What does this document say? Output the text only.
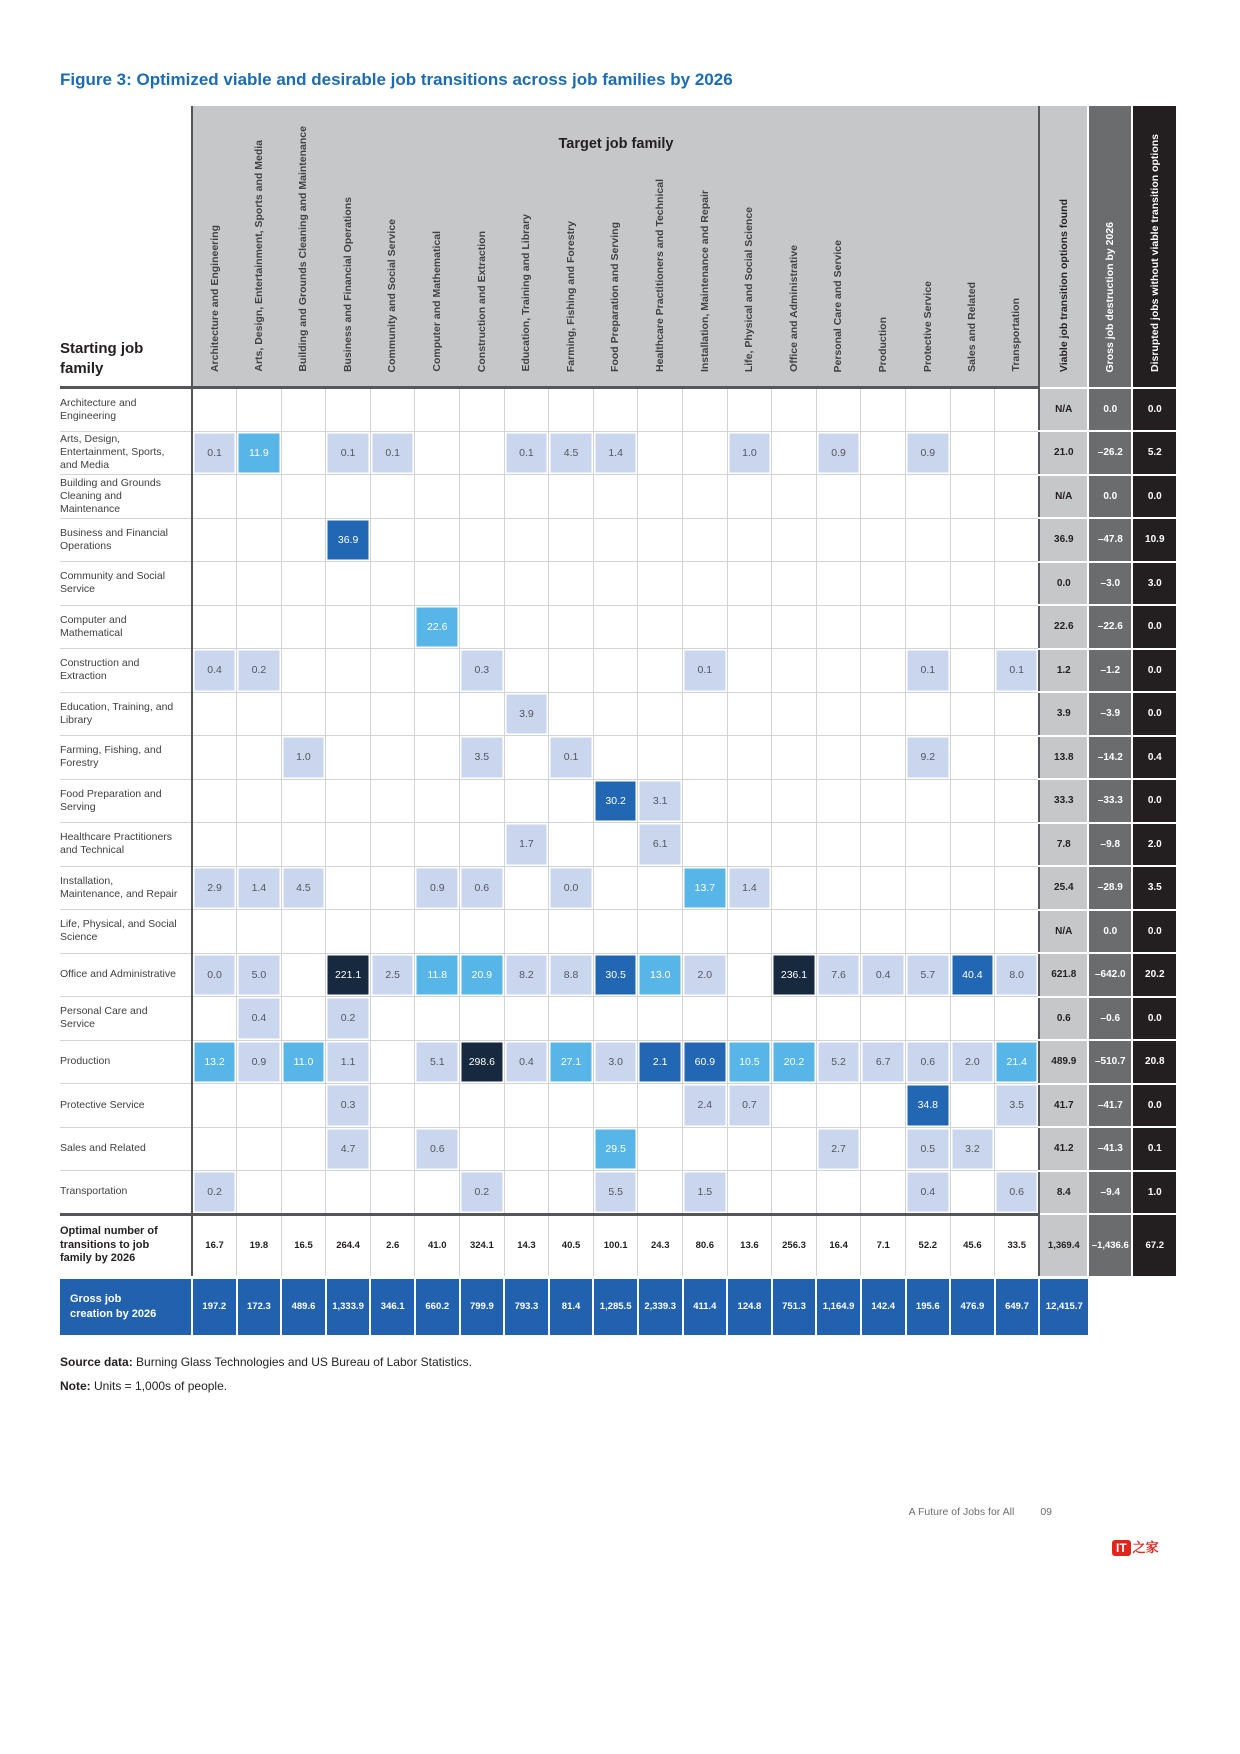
Figure 3: Optimized viable and desirable job transitions across job families by 2026
Target job family
Starting job family	Architecture and Engineering	Arts, Design, Entertainment, Sports and Media	Building and Grounds Cleaning and Maintenance	Business and Financial Operations	Community and Social Service	Computer and Mathematical	Construction and Extraction	Education, Training and Library	Farming, Fishing and Forestry	Food Preparation and Serving	Healthcare Practitioners and Technical	Installation, Maintenance and Repair	Life, Physical and Social Science	Office and Administrative	Personal Care and Service	Production	Protective Service	Sales and Related	Transportation	Viable job transition options found	Gross job destruction by 2026	Disrupted jobs without viable transition options
Architecture and Engineering																				N/A	0.0	0.0
Arts, Design, Entertainment, Sports, and Media	0.1	11.9		0.1	0.1			0.1	4.5	1.4			1.0		0.9		0.9			21.0	–26.2	5.2
Building and Grounds Cleaning and Maintenance																				N/A	0.0	0.0
Business and Financial Operations				36.9																36.9	–47.8	10.9
Community and Social Service																				0.0	–3.0	3.0
Computer and Mathematical						22.6														22.6	–22.6	0.0
Construction and Extraction	0.4	0.2					0.3					0.1					0.1		0.1	1.2	–1.2	0.0
Education, Training, and Library								3.9												3.9	–3.9	0.0
Farming, Fishing, and Forestry			1.0				3.5		0.1								9.2			13.8	–14.2	0.4
Food Preparation and Serving										30.2	3.1									33.3	–33.3	0.0
Healthcare Practitioners and Technical								1.7			6.1									7.8	–9.8	2.0
Installation, Maintenance, and Repair	2.9	1.4	4.5			0.9	0.6		0.0			13.7	1.4							25.4	–28.9	3.5
Life, Physical, and Social Science																				N/A	0.0	0.0
Office and Administrative	0.0	5.0		221.1	2.5	11.8	20.9	8.2	8.8	30.5	13.0	2.0		236.1	7.6	0.4	5.7	40.4	8.0	621.8	–642.0	20.2
Personal Care and Service		0.4		0.2																0.6	–0.6	0.0
Production	13.2	0.9	11.0	1.1		5.1	298.6	0.4	27.1	3.0	2.1	60.9	10.5	20.2	5.2	6.7	0.6	2.0	21.4	489.9	–510.7	20.8
Protective Service				0.3								2.4	0.7				34.8		3.5	41.7	–41.7	0.0
Sales and Related				4.7		0.6				29.5					2.7		0.5	3.2		41.2	–41.3	0.1
Transportation	0.2						0.2			5.5		1.5					0.4		0.6	8.4	–9.4	1.0
Optimal number of transitions to job family by 2026	16.7	19.8	16.5	264.4	2.6	41.0	324.1	14.3	40.5	100.1	24.3	80.6	13.6	256.3	16.4	7.1	52.2	45.6	33.5	1,369.4	–1,436.6	67.2
Gross job creation by 2026	197.2	172.3	489.6	1,333.9	346.1	660.2	799.9	793.3	81.4	1,285.5	2,339.3	411.4	124.8	751.3	1,164.9	142.4	195.6	476.9	649.7	12,415.7		

Source data: Burning Glass Technologies and US Bureau of Labor Statistics.

Note: Units = 1,000s of people.

A Future of Jobs for All 09
IT 之家
